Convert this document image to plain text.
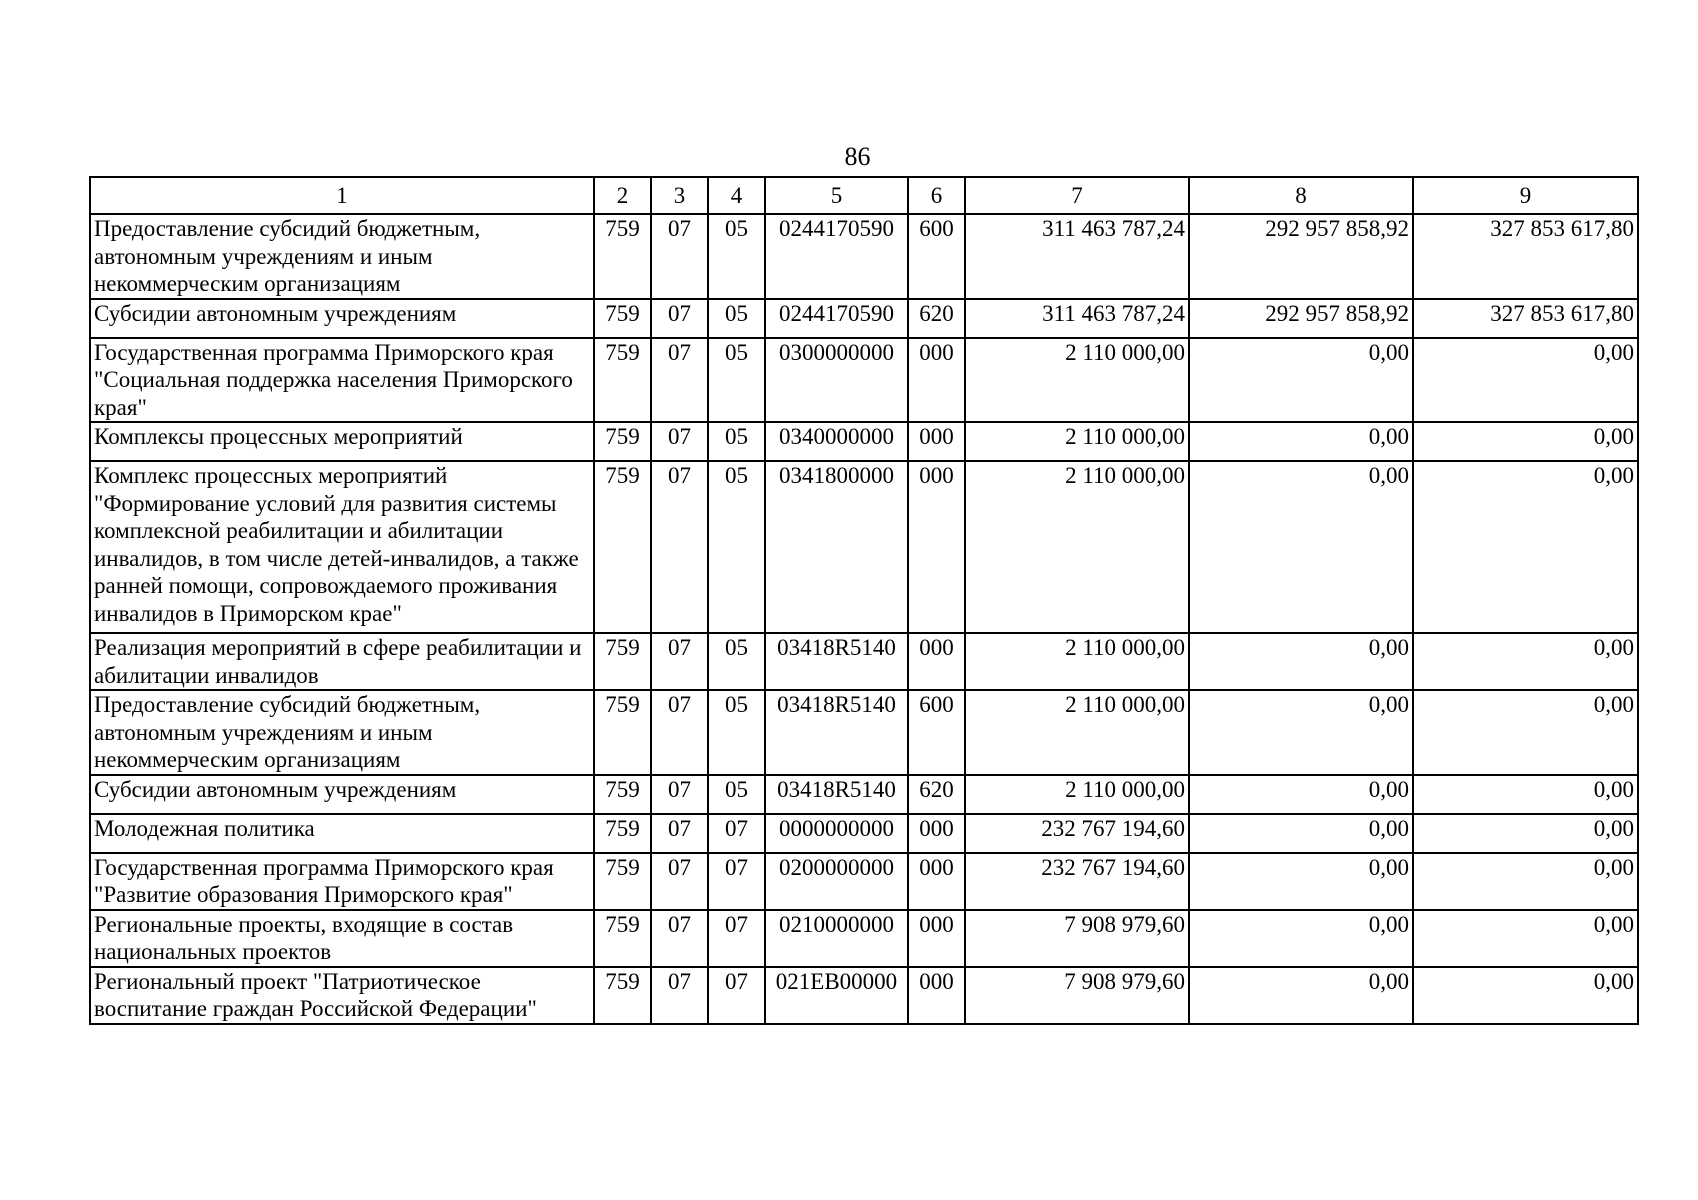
86
1	2	3	4	5	6	7	8	9
Предоставление субсидий бюджетным, автономным учреждениям и иным некоммерческим организациям	759	07	05	0244170590	600	311 463 787,24	292 957 858,92	327 853 617,80
Субсидии автономным учреждениям	759	07	05	0244170590	620	311 463 787,24	292 957 858,92	327 853 617,80
Государственная программа Приморского края "Социальная поддержка населения Приморского края"	759	07	05	0300000000	000	2 110 000,00	0,00	0,00
Комплексы процессных мероприятий	759	07	05	0340000000	000	2 110 000,00	0,00	0,00
Комплекс процессных мероприятий "Формирование условий для развития системы комплексной реабилитации и абилитации инвалидов, в том числе детей-инвалидов, а также ранней помощи, сопровождаемого проживания инвалидов в Приморском крае"	759	07	05	0341800000	000	2 110 000,00	0,00	0,00
Реализация мероприятий в сфере реабилитации и абилитации инвалидов	759	07	05	03418R5140	000	2 110 000,00	0,00	0,00
Предоставление субсидий бюджетным, автономным учреждениям и иным некоммерческим организациям	759	07	05	03418R5140	600	2 110 000,00	0,00	0,00
Субсидии автономным учреждениям	759	07	05	03418R5140	620	2 110 000,00	0,00	0,00
Молодежная политика	759	07	07	0000000000	000	232 767 194,60	0,00	0,00
Государственная программа Приморского края "Развитие образования Приморского края"	759	07	07	0200000000	000	232 767 194,60	0,00	0,00
Региональные проекты, входящие в состав национальных проектов	759	07	07	0210000000	000	7 908 979,60	0,00	0,00
Региональный проект "Патриотическое воспитание граждан Российской Федерации"	759	07	07	021EB00000	000	7 908 979,60	0,00	0,00
